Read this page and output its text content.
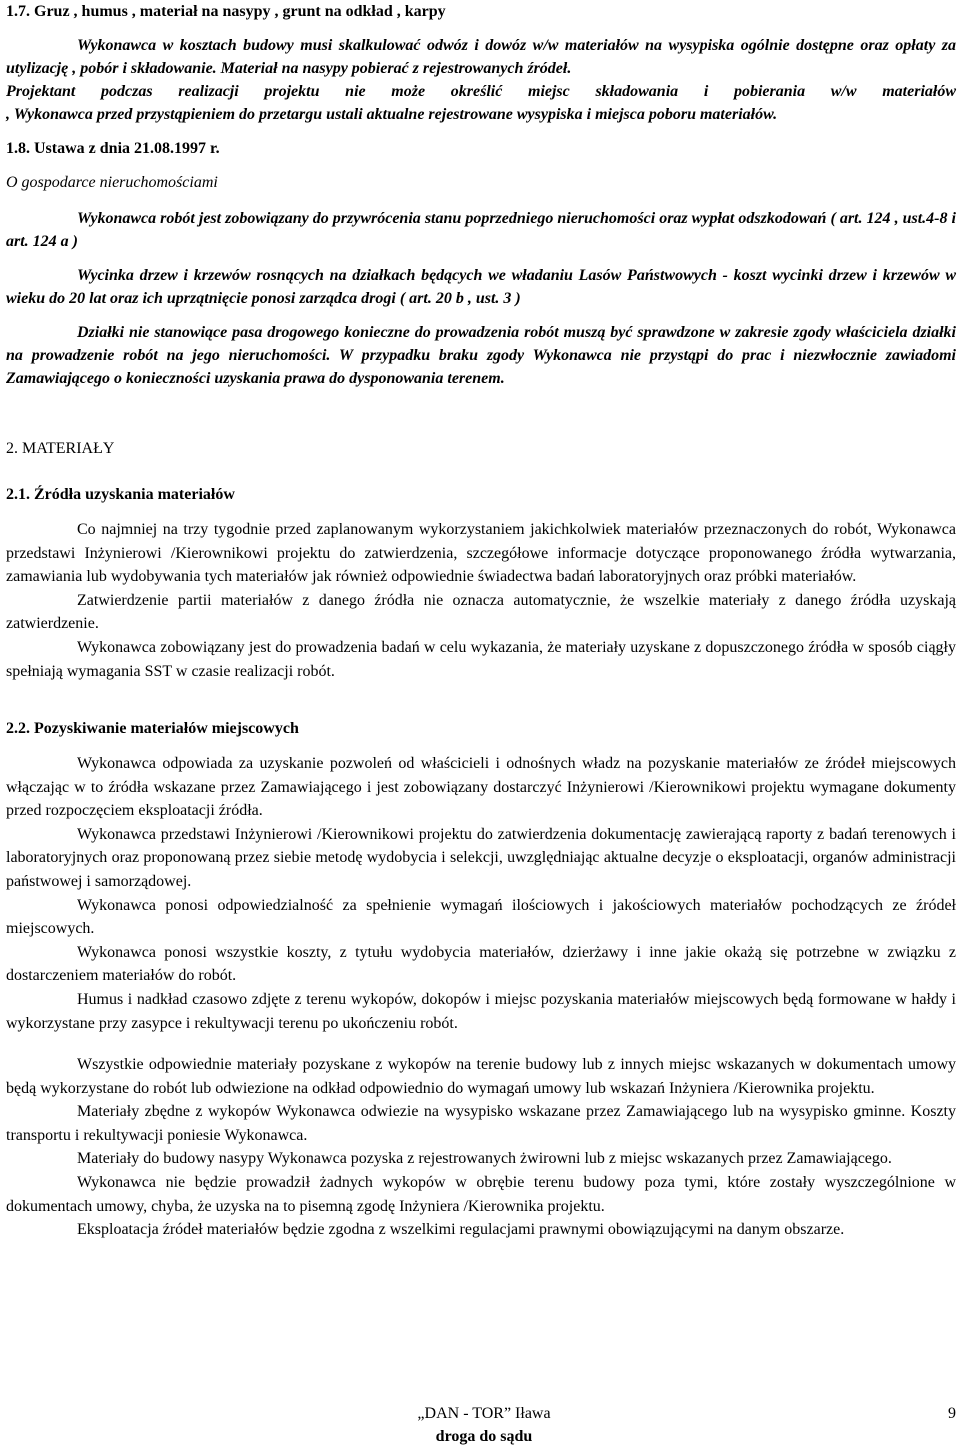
1.7. Gruz , humus , materiał na nasypy , grunt na odkład , karpy
Wykonawca w kosztach budowy musi skalkulować odwóz i dowóz w/w materiałów na wysypiska ogólnie dostępne oraz opłaty za utylizację , pobór i składowanie. Materiał na nasypy pobierać z rejestrowanych źródeł.
Projektant podczas realizacji projektu nie może określić miejsc składowania i pobierania w/w materiałów
, Wykonawca przed przystąpieniem do przetargu ustali aktualne rejestrowane wysypiska i miejsca poboru materiałów.
1.8. Ustawa z dnia 21.08.1997 r.
O gospodarce nieruchomościami
Wykonawca robót jest zobowiązany do przywrócenia stanu poprzedniego nieruchomości oraz wypłat odszkodowań ( art. 124 , ust.4-8 i art. 124 a )
Wycinka drzew i krzewów rosnących na działkach będących we władaniu Lasów Państwowych - koszt wycinki drzew i krzewów w wieku do 20 lat oraz ich uprzątnięcie ponosi zarządca drogi ( art. 20 b , ust. 3 )
Działki nie stanowiące pasa drogowego konieczne do prowadzenia robót muszą być sprawdzone w zakresie zgody właściciela działki na prowadzenie robót na jego nieruchomości. W przypadku braku zgody Wykonawca nie przystąpi do prac i niezwłocznie zawiadomi Zamawiającego o konieczności uzyskania prawa do dysponowania terenem.
2. MATERIAŁY
2.1. Źródła uzyskania materiałów

Co najmniej na trzy tygodnie przed zaplanowanym wykorzystaniem jakichkolwiek materiałów przeznaczonych do robót, Wykonawca przedstawi Inżynierowi /Kierownikowi projektu do zatwierdzenia, szczegółowe informacje dotyczące proponowanego źródła wytwarzania, zamawiania lub wydobywania tych materiałów jak również odpowiednie świadectwa badań laboratoryjnych oraz próbki materiałów.

Zatwierdzenie partii materiałów z danego źródła nie oznacza automatycznie, że wszelkie materiały z danego źródła uzyskają zatwierdzenie.

Wykonawca zobowiązany jest do prowadzenia badań w celu wykazania, że materiały uzyskane z dopuszczonego źródła w sposób ciągły spełniają wymagania SST w czasie realizacji robót.

2.2. Pozyskiwanie materiałów miejscowych

Wykonawca odpowiada za uzyskanie pozwoleń od właścicieli i odnośnych władz na pozyskanie materiałów ze źródeł miejscowych włączając w to źródła wskazane przez Zamawiającego i jest zobowiązany dostarczyć Inżynierowi /Kierownikowi projektu wymagane dokumenty przed rozpoczęciem eksploatacji źródła.

Wykonawca przedstawi Inżynierowi /Kierownikowi projektu do zatwierdzenia dokumentację zawierającą raporty z badań terenowych i laboratoryjnych oraz proponowaną przez siebie metodę wydobycia i selekcji, uwzględniając aktualne decyzje o eksploatacji, organów administracji państwowej i samorządowej.

Wykonawca ponosi odpowiedzialność za spełnienie wymagań ilościowych i jakościowych materiałów pochodzących ze źródeł miejscowych.

Wykonawca ponosi wszystkie koszty, z tytułu wydobycia materiałów, dzierżawy i inne jakie okażą się potrzebne w związku z dostarczeniem materiałów do robót.

Humus i nadkład czasowo zdjęte z terenu wykopów, dokopów i miejsc pozyskania materiałów miejscowych będą formowane w hałdy i wykorzystane przy zasypce i rekultywacji terenu po ukończeniu robót.

Wszystkie odpowiednie materiały pozyskane z wykopów na terenie budowy lub z innych miejsc wskazanych w dokumentach umowy będą wykorzystane do robót lub odwiezione na odkład odpowiednio do wymagań umowy lub wskazań Inżyniera /Kierownika projektu.

Materiały zbędne z wykopów Wykonawca odwiezie na wysypisko wskazane przez Zamawiającego lub na wysypisko gminne. Koszty transportu i rekultywacji poniesie Wykonawca.

Materiały do budowy nasypy Wykonawca pozyska z rejestrowanych żwirowni lub z miejsc wskazanych przez Zamawiającego.

Wykonawca nie będzie prowadził żadnych wykopów w obrębie terenu budowy poza tymi, które zostały wyszczególnione w dokumentach umowy, chyba, że uzyska na to pisemną zgodę Inżyniera /Kierownika projektu.

Eksploatacja źródeł materiałów będzie zgodna z wszelkimi regulacjami prawnymi obowiązującymi na danym obszarze.

„DAN - TOR” Iława
droga do sądu
9
